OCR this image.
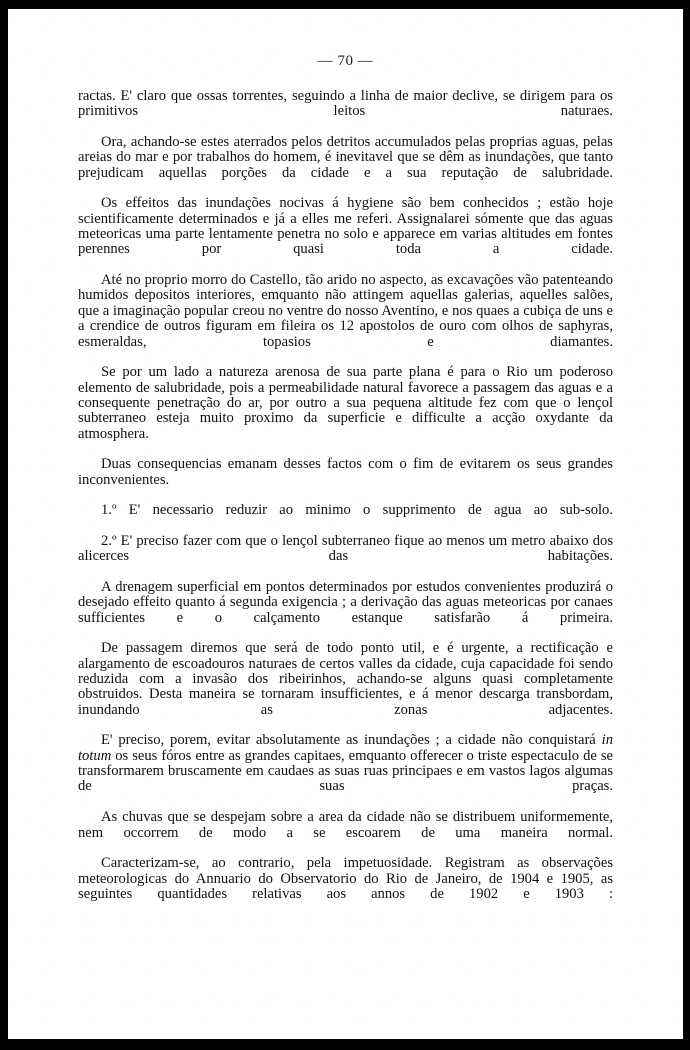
— 70 —

ractas. E' claro que ossas torrentes, seguindo a linha de maior declive, se dirigem para os primitivos leitos naturaes.

Ora, achando-se estes aterrados pelos detritos accumulados pelas proprias aguas, pelas areias do mar e por trabalhos do homem, é inevitavel que se dêm as inundações, que tanto prejudicam aquellas porções da cidade e a sua reputação de salubridade.

Os effeitos das inundações nocivas á hygiene são bem conhecidos ; estão hoje scientificamente determinados e já a elles me referi. Assignalarei sómente que das aguas meteoricas uma parte lentamente penetra no solo e apparece em varias altitudes em fontes perennes por quasi toda a cidade.

Até no proprio morro do Castello, tão arido no aspecto, as excavações vão patenteando humidos depositos interiores, emquanto não attingem aquellas galerias, aquelles salões, que a imaginação popular creou no ventre do nosso Aventino, e nos quaes a cubiça de uns e a crendice de outros figuram em fileira os 12 apostolos de ouro com olhos de saphyras, esmeraldas, topasios e diamantes.

Se por um lado a natureza arenosa de sua parte plana é para o Rio um poderoso elemento de salubridade, pois a permeabilidade natural favorece a passagem das aguas e a consequente penetração do ar, por outro a sua pequena altitude fez com que o lençol subterraneo esteja muito proximo da superficie e difficulte a acção oxydante da atmosphera.

Duas consequencias emanam desses factos com o fim de evitarem os seus grandes inconvenientes.

1.º E' necessario reduzir ao minimo o supprimento de agua ao sub-solo.

2.º E' preciso fazer com que o lençol subterraneo fique ao menos um metro abaixo dos alicerces das habitações.

A drenagem superficial em pontos determinados por estudos convenientes produzirá o desejado effeito quanto á segunda exigencia ; a derivação das aguas meteoricas por canaes sufficientes e o calçamento estanque satisfarão á primeira.

De passagem diremos que será de todo ponto util, e é urgente, a rectificação e alargamento de escoadouros naturaes de certos valles da cidade, cuja capacidade foi sendo reduzida com a invasão dos ribeirinhos, achando-se alguns quasi completamente obstruidos. Desta maneira se tornaram insufficientes, e á menor descarga transbordam, inundando as zonas adjacentes.

E' preciso, porem, evitar absolutamente as inundações ; a cidade não conquistará in totum os seus fóros entre as grandes capitaes, emquanto offerecer o triste espectaculo de se transformarem bruscamente em caudaes as suas ruas principaes e em vastos lagos algumas de suas praças.

As chuvas que se despejam sobre a area da cidade não se distribuem uniformemente, nem occorrem de modo a se escoarem de uma maneira normal.

Caracterizam-se, ao contrario, pela impetuosidade. Registram as observações meteorologicas do Annuario do Observatorio do Rio de Janeiro, de 1904 e 1905, as seguintes quantidades relativas aos annos de 1902 e 1903 :
